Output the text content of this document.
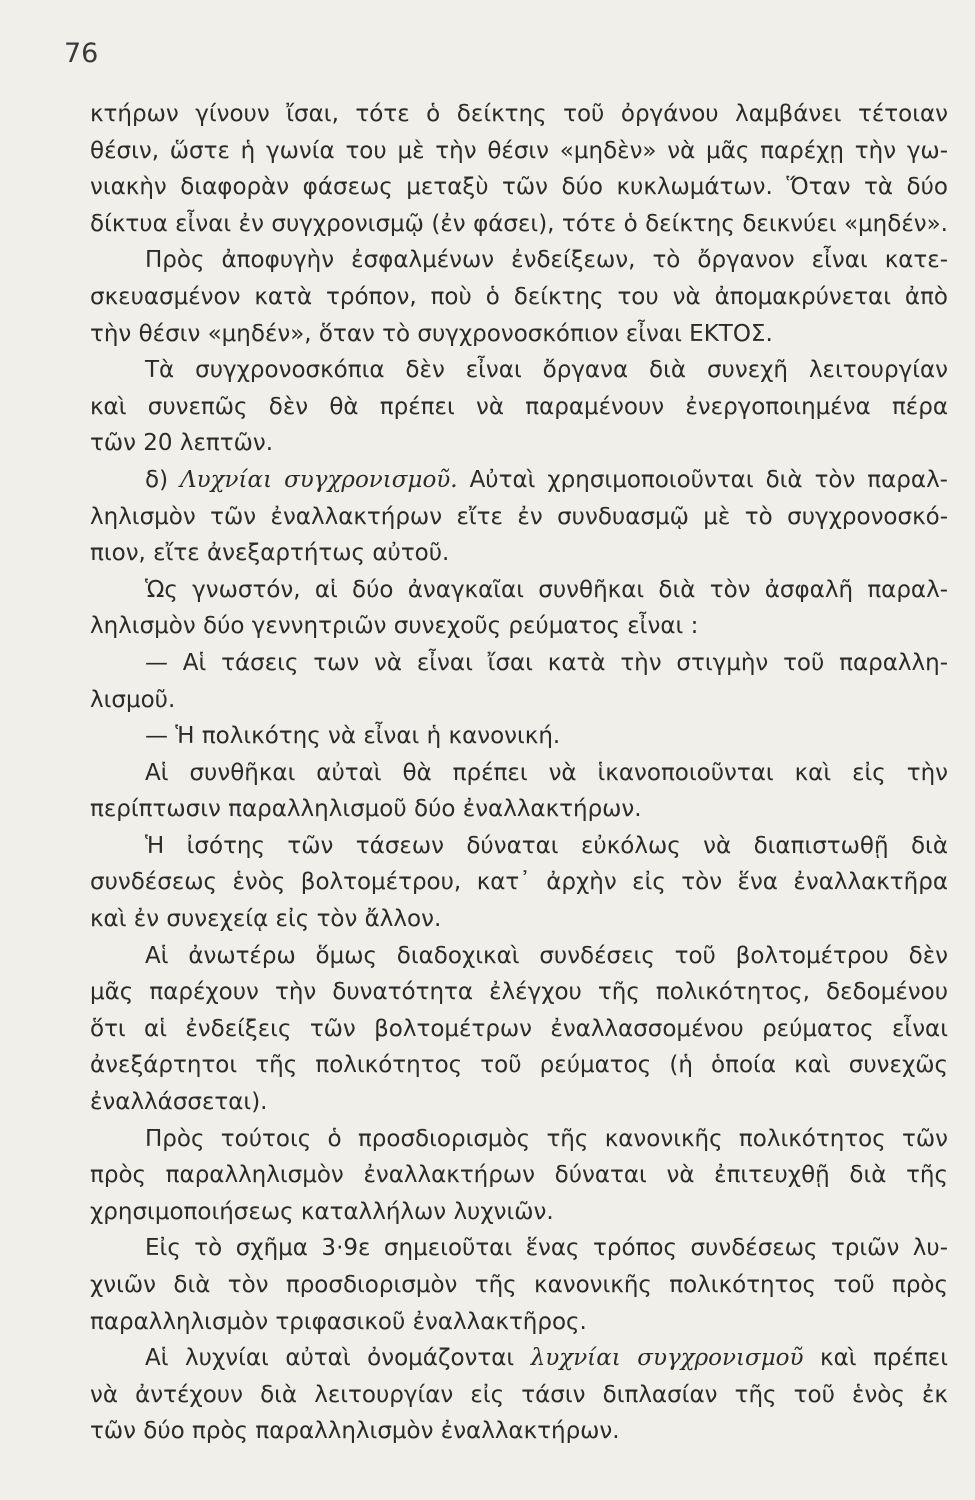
76
κτήρων γίνουν ἴσαι, τότε ὁ δείκτης τοῦ ὀργάνου λαμβάνει τέτοιαν
θέσιν, ὥστε ἡ γωνία του μὲ τὴν θέσιν «μηδὲν» νὰ μᾶς παρέχῃ τὴν γω-
νιακὴν διαφορὰν φάσεως μεταξὺ τῶν δύο κυκλωμάτων. Ὅταν τὰ δύο
δίκτυα εἶναι ἐν συγχρονισμῷ (ἐν φάσει), τότε ὁ δείκτης δεικνύει «μηδέν».
Πρὸς ἀποφυγὴν ἐσφαλμένων ἐνδείξεων, τὸ ὄργανον εἶναι κατε-
σκευασμένον κατὰ τρόπον, ποὺ ὁ δείκτης του νὰ ἀπομακρύνεται ἀπὸ
τὴν θέσιν «μηδέν», ὅταν τὸ συγχρονοσκόπιον εἶναι ΕΚΤΟΣ.
Τὰ συγχρονοσκόπια δὲν εἶναι ὄργανα διὰ συνεχῆ λειτουργίαν
καὶ συνεπῶς δὲν θὰ πρέπει νὰ παραμένουν ἐνεργοποιημένα πέρα
τῶν 20 λεπτῶν.
δ) Λυχνίαι συγχρονισμοῦ. Αὐταὶ χρησιμοποιοῦνται διὰ τὸν παραλ-
ληλισμὸν τῶν ἐναλλακτήρων εἴτε ἐν συνδυασμῷ μὲ τὸ συγχρονοσκό-
πιον, εἴτε ἀνεξαρτήτως αὐτοῦ.
Ὡς γνωστόν, αἱ δύο ἀναγκαῖαι συνθῆκαι διὰ τὸν ἀσφαλῆ παραλ-
ληλισμὸν δύο γεννητριῶν συνεχοῦς ρεύματος εἶναι :
— Αἱ τάσεις των νὰ εἶναι ἴσαι κατὰ τὴν στιγμὴν τοῦ παραλλη-
λισμοῦ.
— Ἡ πολικότης νὰ εἶναι ἡ κανονική.
Αἱ συνθῆκαι αὐταὶ θὰ πρέπει νὰ ἱκανοποιοῦνται καὶ εἰς τὴν
περίπτωσιν παραλληλισμοῦ δύο ἐναλλακτήρων.
Ἡ ἰσότης τῶν τάσεων δύναται εὐκόλως νὰ διαπιστωθῇ διὰ
συνδέσεως ἑνὸς βολτομέτρου, κατ᾽ ἀρχὴν εἰς τὸν ἕνα ἐναλλακτῆρα
καὶ ἐν συνεχείᾳ εἰς τὸν ἄλλον.
Αἱ ἀνωτέρω ὅμως διαδοχικαὶ συνδέσεις τοῦ βολτομέτρου δὲν
μᾶς παρέχουν τὴν δυνατότητα ἐλέγχου τῆς πολικότητος, δεδομένου
ὅτι αἱ ἐνδείξεις τῶν βολτομέτρων ἐναλλασσομένου ρεύματος εἶναι
ἀνεξάρτητοι τῆς πολικότητος τοῦ ρεύματος (ἡ ὁποία καὶ συνεχῶς
ἐναλλάσσεται).
Πρὸς τούτοις ὁ προσδιορισμὸς τῆς κανονικῆς πολικότητος τῶν
πρὸς παραλληλισμὸν ἐναλλακτήρων δύναται νὰ ἐπιτευχθῇ διὰ τῆς
χρησιμοποιήσεως καταλλήλων λυχνιῶν.
Εἰς τὸ σχῆμα 3·9ε σημειοῦται ἕνας τρόπος συνδέσεως τριῶν λυ-
χνιῶν διὰ τὸν προσδιορισμὸν τῆς κανονικῆς πολικότητος τοῦ πρὸς
παραλληλισμὸν τριφασικοῦ ἐναλλακτῆρος.
Αἱ λυχνίαι αὐταὶ ὀνομάζονται λυχνίαι συγχρονισμοῦ καὶ πρέπει
νὰ ἀντέχουν διὰ λειτουργίαν εἰς τάσιν διπλασίαν τῆς τοῦ ἑνὸς ἐκ
τῶν δύο πρὸς παραλληλισμὸν ἐναλλακτήρων.
